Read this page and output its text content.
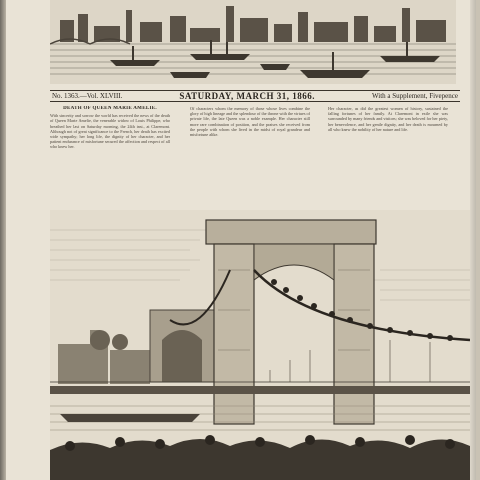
No. 1363.—Vol. XLVIII.	SATURDAY, MARCH 31, 1866.	With a Supplement, Fivepence
DEATH OF QUEEN MARIE AMELIE.
With sincerity and sorrow the world has received the news of the death of Queen Marie Amelie, the venerable widow of Louis Philippe, who breathed her last on Saturday morning, the 24th inst., at Claremont. Although not of great significance to the French, her death has excited wide sympathy; her long life, the dignity of her character, and her patient endurance of misfortune secured the affection and respect of all who knew her.
Of characters whom the memory of those whose lives combine the glory of high lineage and the splendour of the throne with the virtues of private life, the late Queen was a noble example. Her character still more rare combination of position, and the praises she received from the people with whom she lived in the midst of royal grandeur and misfortune alike.
Her character, as did the greatest women of history, sustained the falling fortunes of her family. At Claremont in exile she was surrounded by many friends and visitors; she was beloved for her piety, her benevolence, and her gentle dignity, and her death is mourned by all who knew the nobility of her nature and life.
